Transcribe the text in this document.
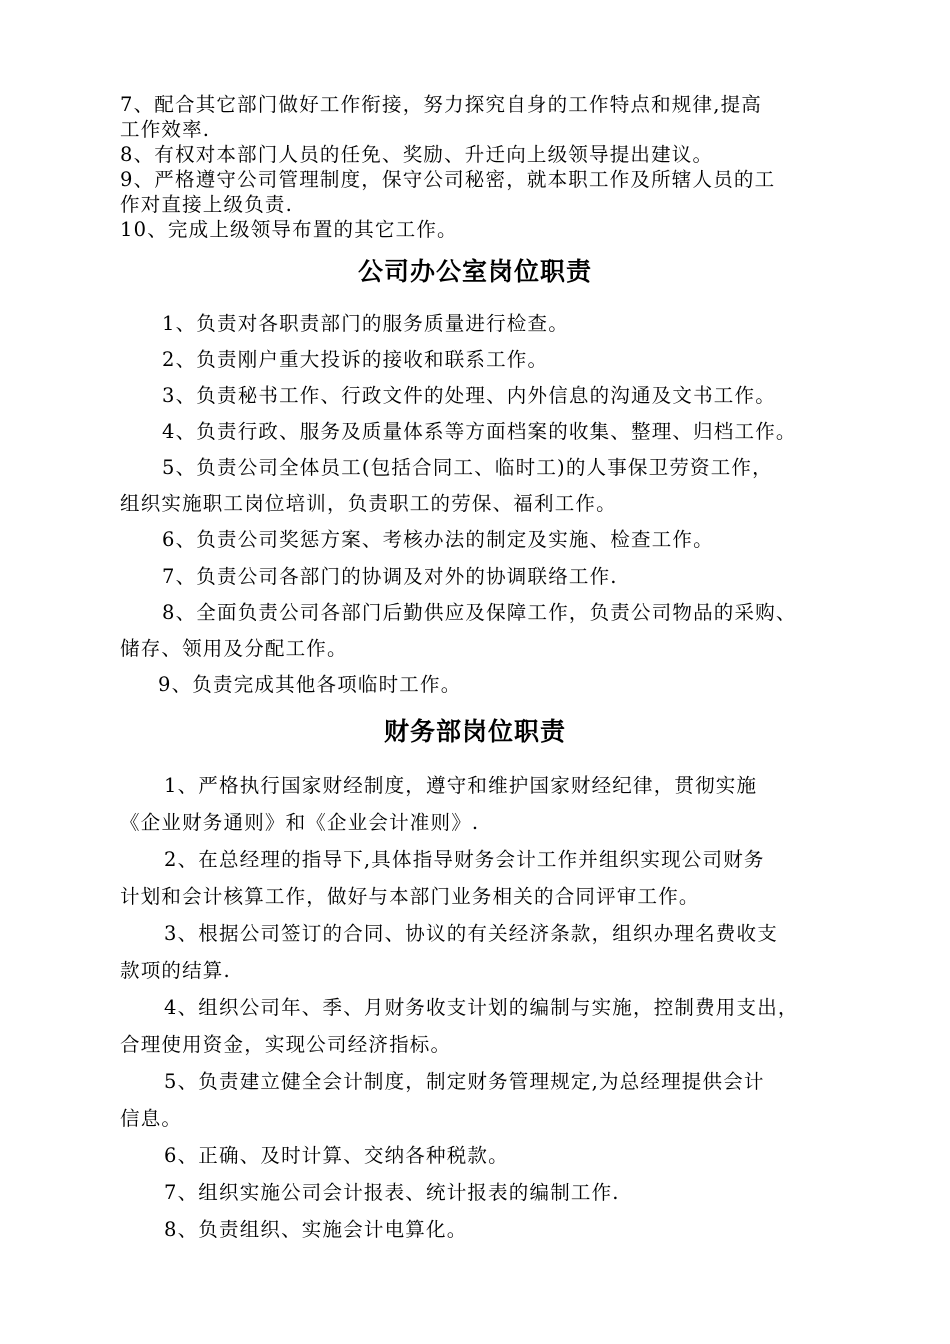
7、配合其它部门做好工作衔接，努力探究自身的工作特点和规律,提高
工作效率.
8、有权对本部门人员的任免、奖励、升迁向上级领导提出建议。
9、严格遵守公司管理制度，保守公司秘密，就本职工作及所辖人员的工
作对直接上级负责.
10、完成上级领导布置的其它工作。
公司办公室岗位职责
1、负责对各职责部门的服务质量进行检查。
2、负责刚户重大投诉的接收和联系工作。
3、负责秘书工作、行政文件的处理、内外信息的沟通及文书工作。
4、负责行政、服务及质量体系等方面档案的收集、整理、归档工作。
5、负责公司全体员工(包括合同工、临时工)的人事保卫劳资工作，
组织实施职工岗位培训，负责职工的劳保、福利工作。
6、负责公司奖惩方案、考核办法的制定及实施、检查工作。
7、负责公司各部门的协调及对外的协调联络工作.
8、全面负责公司各部门后勤供应及保障工作，负责公司物品的采购、
储存、领用及分配工作。
9、负责完成其他各项临时工作。
财务部岗位职责
1、严格执行国家财经制度，遵守和维护国家财经纪律，贯彻实施
《企业财务通则》和《企业会计准则》.
2、在总经理的指导下,具体指导财务会计工作并组织实现公司财务
计划和会计核算工作，做好与本部门业务相关的合同评审工作。
3、根据公司签订的合同、协议的有关经济条款，组织办理名费收支
款项的结算.
4、组织公司年、季、月财务收支计划的编制与实施，控制费用支出，
合理使用资金，实现公司经济指标。
5、负责建立健全会计制度，制定财务管理规定,为总经理提供会计
信息。
6、正确、及时计算、交纳各种税款。
7、组织实施公司会计报表、统计报表的编制工作.
8、负责组织、实施会计电算化。
